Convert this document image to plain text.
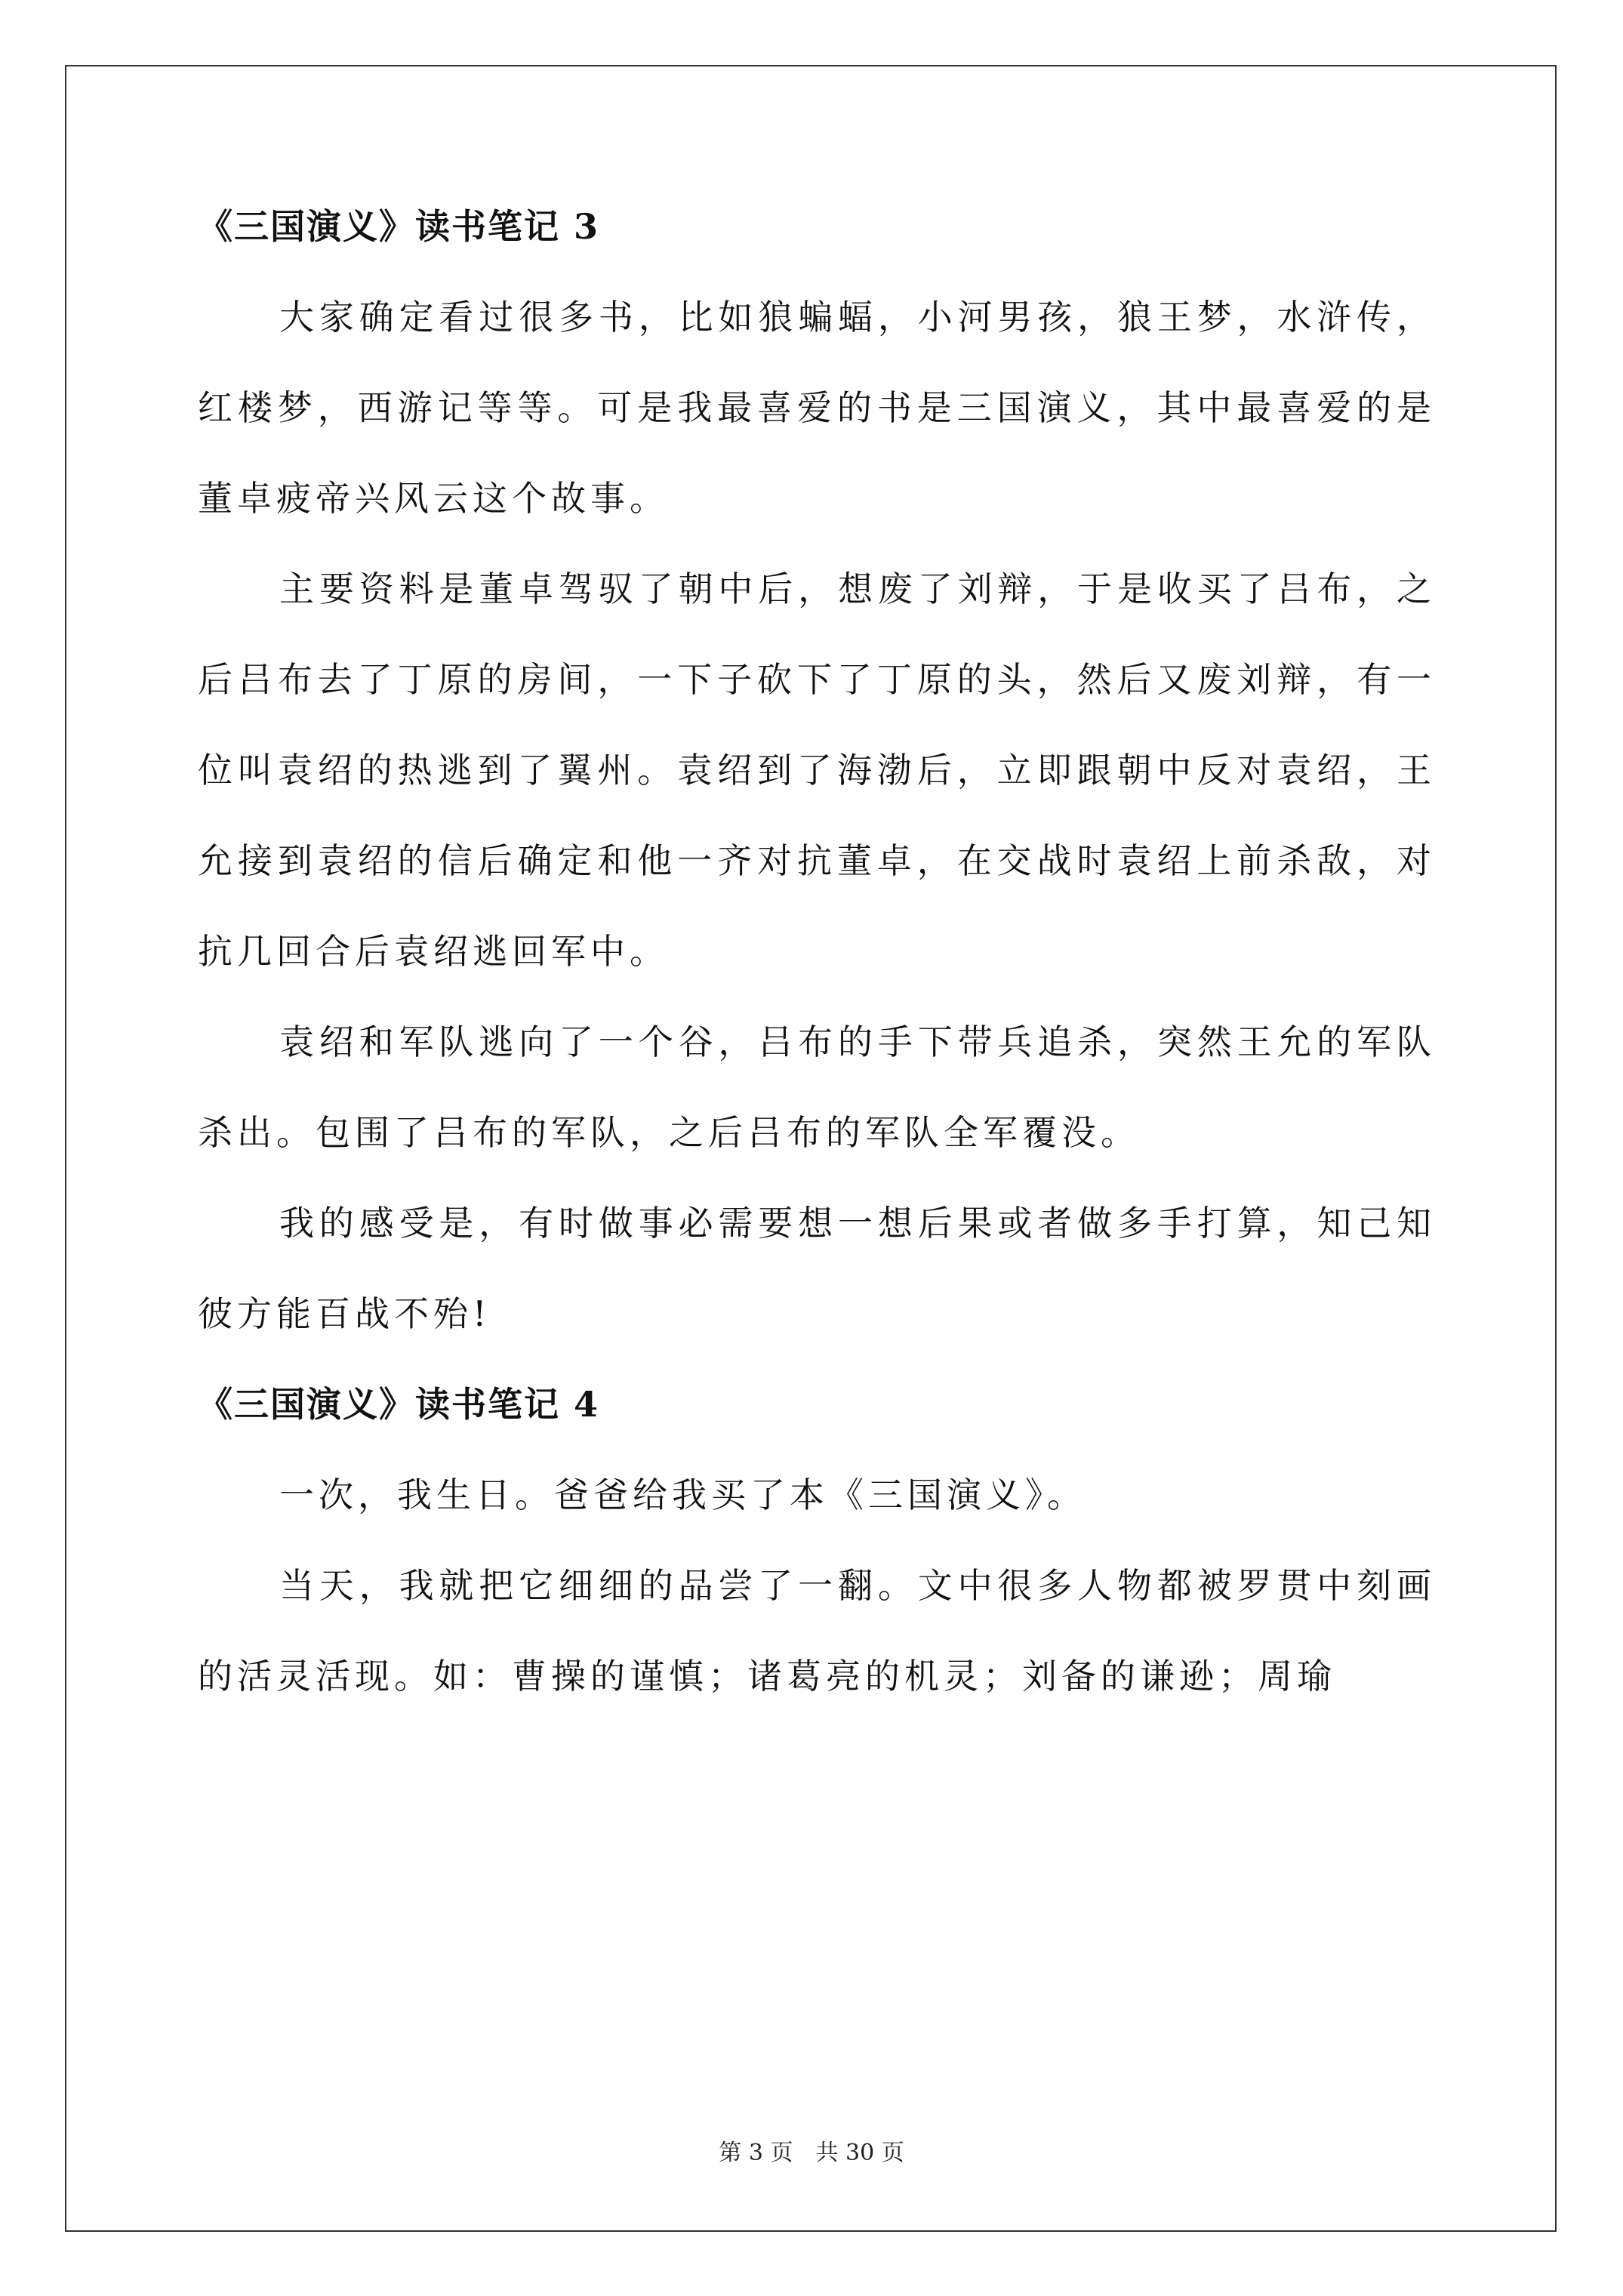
《三国演义》读书笔记 3

大家确定看过很多书，比如狼蝙蝠，小河男孩，狼王梦，水浒传，红楼梦，西游记等等。可是我最喜爱的书是三国演义，其中最喜爱的是董卓疲帝兴风云这个故事。

主要资料是董卓驾驭了朝中后，想废了刘辩，于是收买了吕布，之后吕布去了丁原的房间，一下子砍下了丁原的头，然后又废刘辩，有一位叫袁绍的热逃到了翼州。袁绍到了海渤后，立即跟朝中反对袁绍，王允接到袁绍的信后确定和他一齐对抗董卓，在交战时袁绍上前杀敌，对抗几回合后袁绍逃回军中。

袁绍和军队逃向了一个谷，吕布的手下带兵追杀，突然王允的军队杀出。包围了吕布的军队，之后吕布的军队全军覆没。

我的感受是，有时做事必需要想一想后果或者做多手打算，知己知彼方能百战不殆!

《三国演义》读书笔记 4

一次，我生日。爸爸给我买了本《三国演义》。

当天，我就把它细细的品尝了一翻。文中很多人物都被罗贯中刻画的活灵活现。如：曹操的谨慎；诸葛亮的机灵；刘备的谦逊；周瑜

第 3 页　共 30 页
